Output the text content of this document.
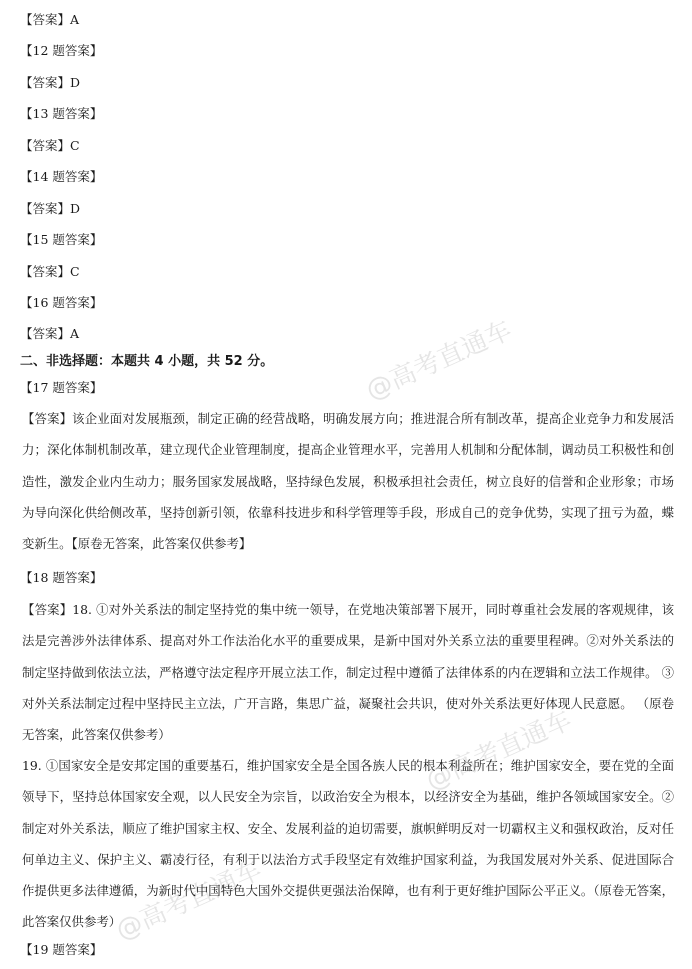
@高考直通车
@高考直通车
@高考直通车
【答案】A
【12 题答案】
【答案】D
【13 题答案】
【答案】C
【14 题答案】
【答案】D
【15 题答案】
【答案】C
【16 题答案】
【答案】A
二、非选择题：本题共 4 小题，共 52 分。
【17 题答案】
【答案】该企业面对发展瓶颈，制定正确的经营战略，明确发展方向；推进混合所有制改革，提高企业竞争力和发展活力；深化体制机制改革，建立现代企业管理制度，提高企业管理水平，完善用人机制和分配体制，调动员工积极性和创造性，激发企业内生动力；服务国家发展战略，坚持绿色发展，积极承担社会责任，树立良好的信誉和企业形象；市场为导向深化供给侧改革，坚持创新引领，依靠科技进步和科学管理等手段，形成自己的竞争优势，实现了扭亏为盈，蝶变新生。【原卷无答案，此答案仅供参考】
【18 题答案】
【答案】18. ①对外关系法的制定坚持党的集中统一领导，在党地决策部署下展开，同时尊重社会发展的客观规律，该法是完善涉外法律体系、提高对外工作法治化水平的重要成果，是新中国对外关系立法的重要里程碑。②对外关系法的制定坚持做到依法立法，严格遵守法定程序开展立法工作，制定过程中遵循了法律体系的内在逻辑和立法工作规律。 ③对外关系法制定过程中坚持民主立法，广开言路，集思广益，凝聚社会共识，使对外关系法更好体现人民意愿。 （原卷无答案，此答案仅供参考）
19. ①国家安全是安邦定国的重要基石，维护国家安全是全国各族人民的根本利益所在；维护国家安全，要在党的全面领导下，坚持总体国家安全观，以人民安全为宗旨，以政治安全为根本，以经济安全为基础，维护各领域国家安全。②制定对外关系法，顺应了维护国家主权、安全、发展利益的迫切需要，旗帜鲜明反对一切霸权主义和强权政治，反对任何单边主义、保护主义、霸凌行径，有利于以法治方式手段坚定有效维护国家利益，为我国发展对外关系、促进国际合作提供更多法律遵循，为新时代中国特色大国外交提供更强法治保障，也有利于更好维护国际公平正义。（原卷无答案，此答案仅供参考）
【19 题答案】
